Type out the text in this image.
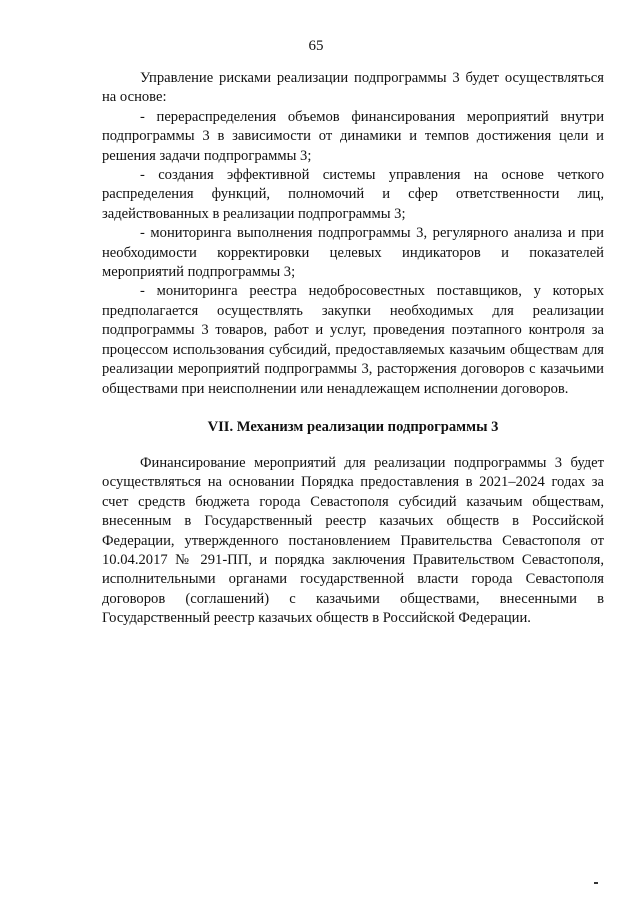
65

Управление рисками реализации подпрограммы 3 будет осуществляться на основе:

- перераспределения объемов финансирования мероприятий внутри подпрограммы 3 в зависимости от динамики и темпов достижения цели и решения задачи подпрограммы 3;

- создания эффективной системы управления на основе четкого распределения функций, полномочий и сфер ответственности лиц, задействованных в реализации подпрограммы 3;

- мониторинга выполнения подпрограммы 3, регулярного анализа и при необходимости корректировки целевых индикаторов и показателей мероприятий подпрограммы 3;

- мониторинга реестра недобросовестных поставщиков, у которых предполагается осуществлять закупки необходимых для реализации подпрограммы 3 товаров, работ и услуг, проведения поэтапного контроля за процессом использования субсидий, предоставляемых казачьим обществам для реализации мероприятий подпрограммы 3, расторжения договоров с казачьими обществами при неисполнении или ненадлежащем исполнении договоров.

VII. Механизм реализации подпрограммы 3

Финансирование мероприятий для реализации подпрограммы 3 будет осуществляться на основании Порядка предоставления в 2021–2024 годах за счет средств бюджета города Севастополя субсидий казачьим обществам, внесенным в Государственный реестр казачьих обществ в Российской Федерации, утвержденного постановлением Правительства Севастополя от 10.04.2017 № 291-ПП, и порядка заключения Правительством Севастополя, исполнительными органами государственной власти города Севастополя договоров (соглашений) с казачьими обществами, внесенными в Государственный реестр казачьих обществ в Российской Федерации.
